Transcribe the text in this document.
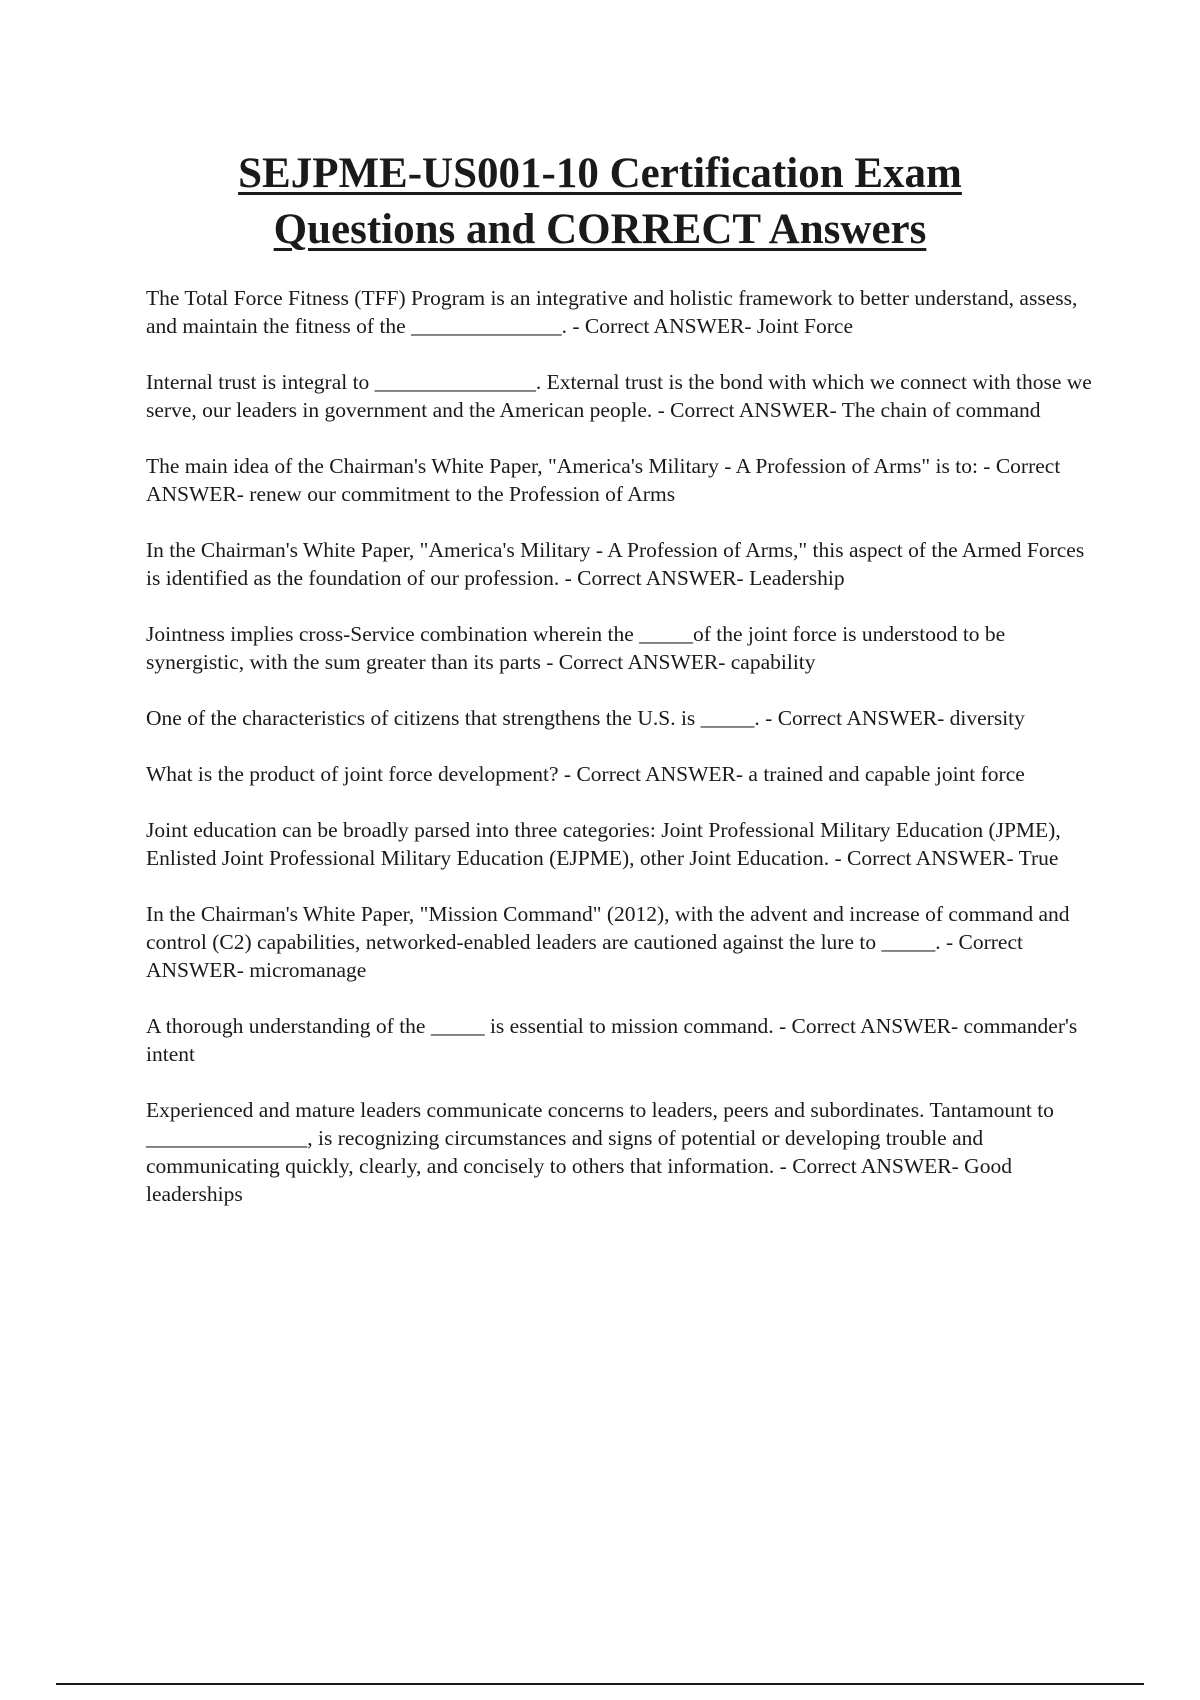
SEJPME-US001-10 Certification Exam
Questions and CORRECT Answers

The Total Force Fitness (TFF) Program is an integrative and holistic framework to better understand, assess, and maintain the fitness of the ______________. - Correct ANSWER- Joint Force

Internal trust is integral to _______________. External trust is the bond with which we connect with those we serve, our leaders in government and the American people. - Correct ANSWER- The chain of command

The main idea of the Chairman's White Paper, "America's Military - A Profession of Arms" is to: - Correct ANSWER- renew our commitment to the Profession of Arms

In the Chairman's White Paper, "America's Military - A Profession of Arms," this aspect of the Armed Forces is identified as the foundation of our profession. - Correct ANSWER- Leadership

Jointness implies cross-Service combination wherein the _____of the joint force is understood to be synergistic, with the sum greater than its parts - Correct ANSWER- capability

One of the characteristics of citizens that strengthens the U.S. is _____. - Correct ANSWER- diversity

What is the product of joint force development? - Correct ANSWER- a trained and capable joint force

Joint education can be broadly parsed into three categories: Joint Professional Military Education (JPME), Enlisted Joint Professional Military Education (EJPME), other Joint Education. - Correct ANSWER- True

In the Chairman's White Paper, "Mission Command" (2012), with the advent and increase of command and control (C2) capabilities, networked-enabled leaders are cautioned against the lure to _____. - Correct ANSWER- micromanage

A thorough understanding of the _____ is essential to mission command. - Correct ANSWER- commander's intent

Experienced and mature leaders communicate concerns to leaders, peers and subordinates. Tantamount to _______________, is recognizing circumstances and signs of potential or developing trouble and communicating quickly, clearly, and concisely to others that information. - Correct ANSWER- Good leaderships
